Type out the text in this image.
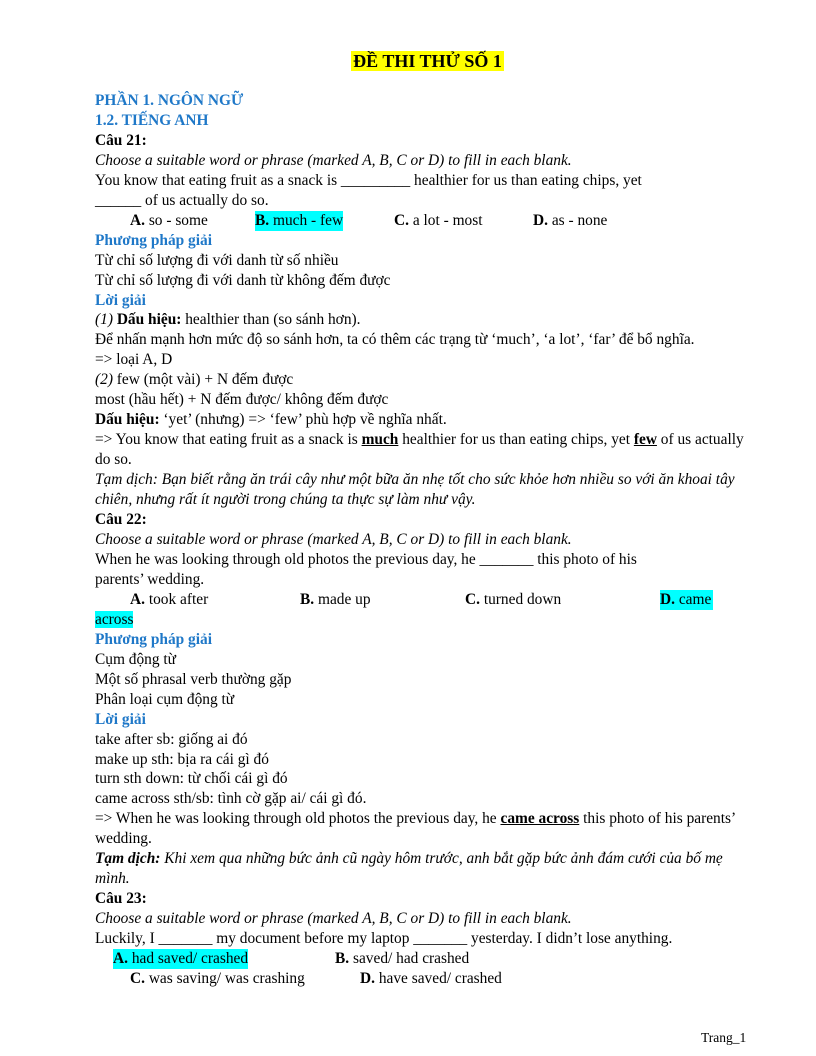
ĐỀ THI THỬ SỐ 1
PHẦN 1. NGÔN NGỮ
1.2. TIẾNG ANH
Câu 21:
Choose a suitable word or phrase (marked A, B, C or D) to fill in each blank.
You know that eating fruit as a snack is _________ healthier for us than eating chips, yet
______ of us actually do so.
A. so - some	B. much - few	C. a lot - most	D. as - none
Phương pháp giải
Từ chỉ số lượng đi với danh từ số nhiều
Từ chỉ số lượng đi với danh từ không đếm được
Lời giải
(1) Dấu hiệu: healthier than (so sánh hơn).
Để nhấn mạnh hơn mức độ so sánh hơn, ta có thêm các trạng từ ‘much’, ‘a lot’, ‘far’ để bổ nghĩa.
=> loại A, D
(2) few (một vài) + N đếm được
most (hầu hết) + N đếm được/ không đếm được
Dấu hiệu: ‘yet’ (nhưng) => ‘few’ phù hợp về nghĩa nhất.
=> You know that eating fruit as a snack is much healthier for us than eating chips, yet few of us actually do so.
Tạm dịch: Bạn biết rằng ăn trái cây như một bữa ăn nhẹ tốt cho sức khỏe hơn nhiều so với ăn khoai tây chiên, nhưng rất ít người trong chúng ta thực sự làm như vậy.
Câu 22:
Choose a suitable word or phrase (marked A, B, C or D) to fill in each blank.
When he was looking through old photos the previous day, he _______ this photo of his
parents’ wedding.
A. took after	B. made up	C. turned down	D. came
across
Phương pháp giải
Cụm động từ
Một số phrasal verb thường gặp
Phân loại cụm động từ
Lời giải
take after sb: giống ai đó
make up sth: bịa ra cái gì đó
turn sth down: từ chối cái gì đó
came across sth/sb: tình cờ gặp ai/ cái gì đó.
=> When he was looking through old photos the previous day, he came across this photo of his parents’ wedding.
Tạm dịch: Khi xem qua những bức ảnh cũ ngày hôm trước, anh bắt gặp bức ảnh đám cưới của bố mẹ mình.
Câu 23:
Choose a suitable word or phrase (marked A, B, C or D) to fill in each blank.
Luckily, I _______ my document before my laptop _______ yesterday. I didn’t lose anything.
A. had saved/ crashed	B. saved/ had crashed
C. was saving/ was crashing	D. have saved/ crashed
Trang_1
